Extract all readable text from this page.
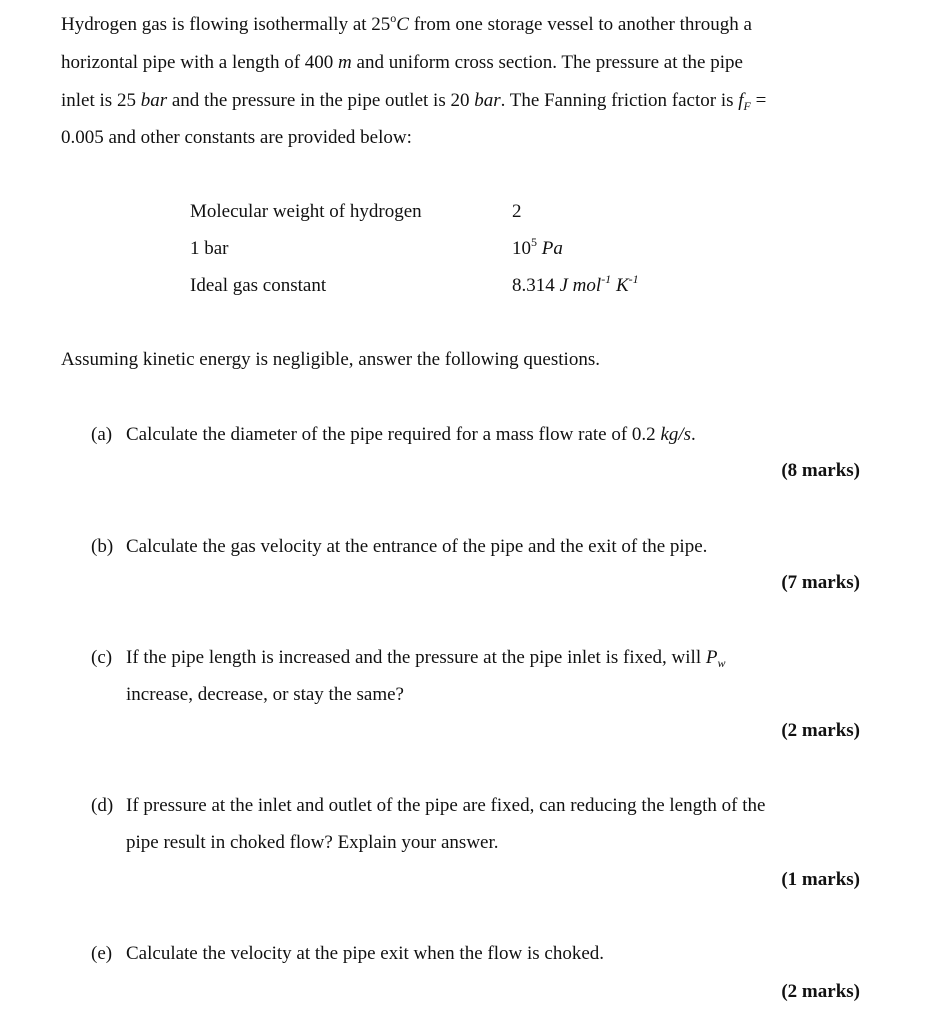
Hydrogen gas is flowing isothermally at 25$^o$C from one storage vessel to another through a
horizontal pipe with a length of 400 m and uniform cross section. The pressure at the pipe
inlet is 25 bar and the pressure in the pipe outlet is 20 bar. The Fanning friction factor is $f_F$ =
0.005 and other constants are provided below:
Molecular weight of hydrogen	2
1 bar	$10^5$ Pa
Ideal gas constant	8.314 J mol$^{-1}$ $K^{-1}$
Assuming kinetic energy is negligible, answer the following questions.
(a) Calculate the diameter of the pipe required for a mass flow rate of 0.2 kg/s.
(8 marks)
(b) Calculate the gas velocity at the entrance of the pipe and the exit of the pipe.
(7 marks)
(c) If the pipe length is increased and the pressure at the pipe inlet is fixed, will $P_w$
increase, decrease, or stay the same?
(2 marks)
(d) If pressure at the inlet and outlet of the pipe are fixed, can reducing the length of the
pipe result in choked flow? Explain your answer.
(1 marks)
(e) Calculate the velocity at the pipe exit when the flow is choked.
(2 marks)
